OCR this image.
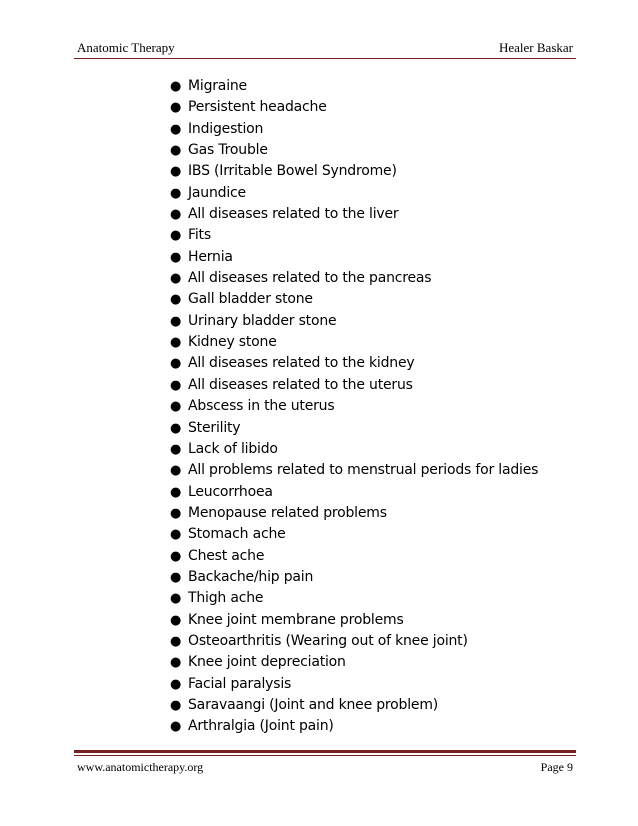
Anatomic Therapy	Healer Baskar
● Migraine
● Persistent headache
● Indigestion
● Gas Trouble
● IBS (Irritable Bowel Syndrome)
● Jaundice
● All diseases related to the liver
● Fits
● Hernia
● All diseases related to the pancreas
● Gall bladder stone
● Urinary bladder stone
● Kidney stone
● All diseases related to the kidney
● All diseases related to the uterus
● Abscess in the uterus
● Sterility
● Lack of libido
● All problems related to menstrual periods for ladies
● Leucorrhoea
● Menopause related problems
● Stomach ache
● Chest ache
● Backache/hip pain
● Thigh ache
● Knee joint membrane problems
● Osteoarthritis (Wearing out of knee joint)
● Knee joint depreciation
● Facial paralysis
● Saravaangi (Joint and knee problem)
● Arthralgia (Joint pain)
www.anatomictherapy.org	Page 9
